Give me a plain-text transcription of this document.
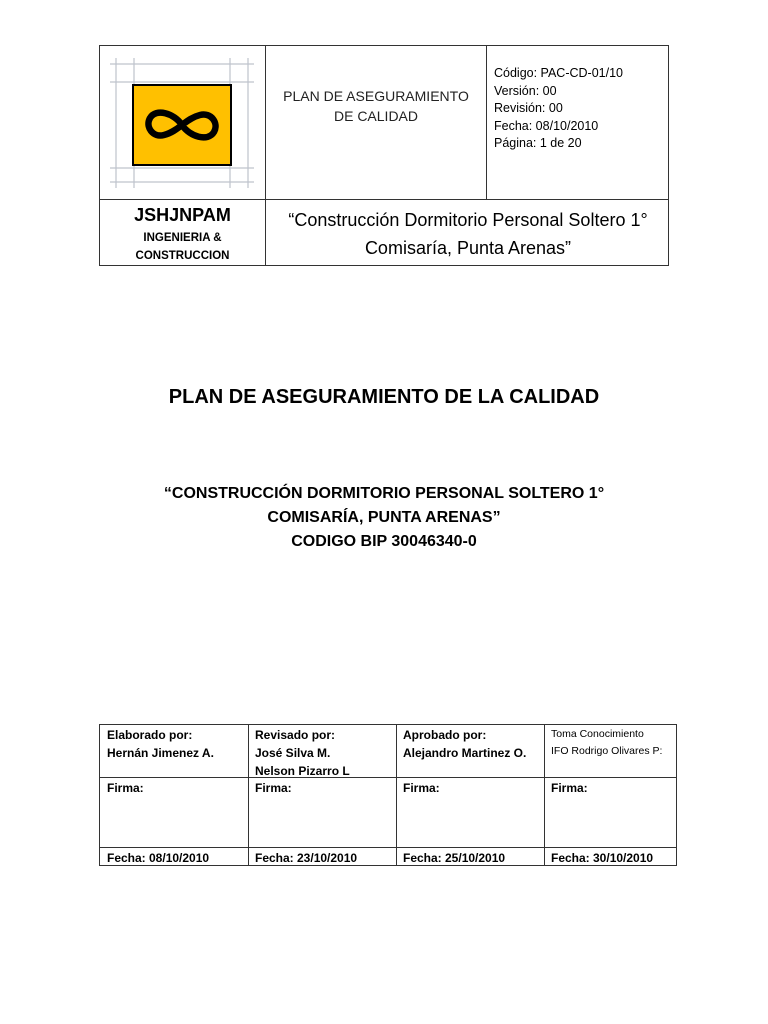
PLAN DE ASEGURAMIENTO
DE CALIDAD
Código: PAC-CD-01/10
Versión: 00
Revisión: 00
Fecha: 08/10/2010
Página: 1 de 20
JSHJNPAM
INGENIERIA &
CONSTRUCCION
“Construcción Dormitorio Personal Soltero 1°
Comisaría, Punta Arenas”
PLAN DE ASEGURAMIENTO DE LA CALIDAD
“CONSTRUCCIÓN DORMITORIO PERSONAL SOLTERO 1°
COMISARÍA, PUNTA ARENAS”
CODIGO BIP 30046340-0
Elaborado por:
Hernán Jimenez A.
Firma:
Fecha: 08/10/2010
Revisado por:
José Silva M.
Nelson Pizarro L
Firma:
Fecha: 23/10/2010
Aprobado por:
Alejandro Martinez O.
Firma:
Fecha: 25/10/2010
Toma Conocimiento
IFO Rodrigo Olivares P:
Firma:
Fecha: 30/10/2010
